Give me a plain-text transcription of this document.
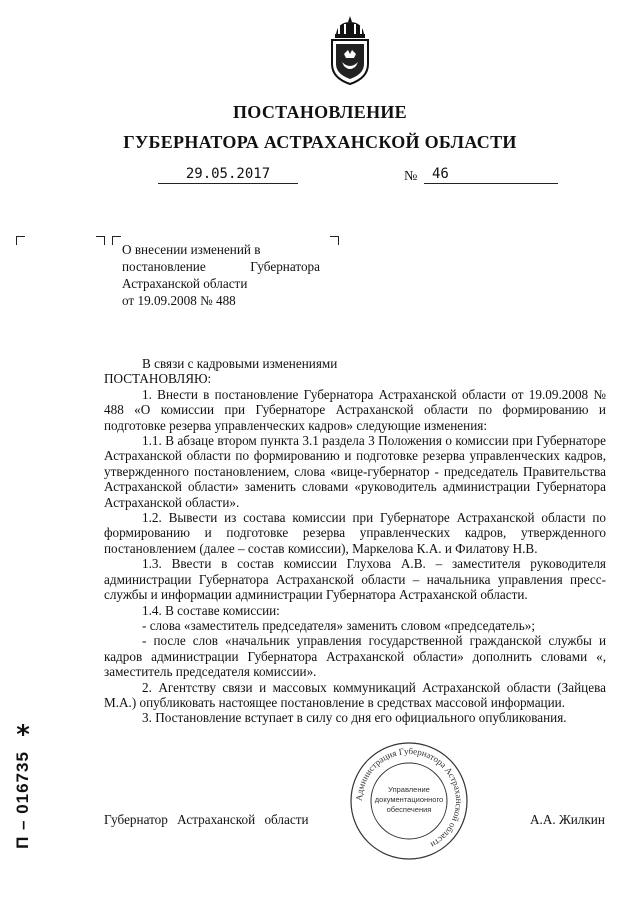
ПОСТАНОВЛЕНИЕ
ГУБЕРНАТОРА АСТРАХАНСКОЙ ОБЛАСТИ
29.05.2017	№	46
О внесении изменений в
постановление Губернатора
Астраханской области
от 19.09.2008 № 488

В связи с кадровыми изменениями

ПОСТАНОВЛЯЮ:

1. Внести в постановление Губернатора Астраханской области от 19.09.2008 № 488 «О комиссии при Губернаторе Астраханской области по формированию и подготовке резерва управленческих кадров» следующие изменения:

1.1. В абзаце втором пункта 3.1 раздела 3 Положения о комиссии при Губернаторе Астраханской области по формированию и подготовке резерва управленческих кадров, утвержденного постановлением, слова «вице-губернатор - председатель Правительства Астраханской области» заменить словами «руководитель администрации Губернатора Астраханской области».

1.2. Вывести из состава комиссии при Губернаторе Астраханской области по формированию и подготовке резерва управленческих кадров, утвержденного постановлением (далее – состав комиссии), Маркелова К.А. и Филатову Н.В.

1.3. Ввести в состав комиссии Глухова А.В. – заместителя руководителя администрации Губернатора Астраханской области – начальника управления пресс-службы и информации администрации Губернатора Астраханской области.

1.4. В составе комиссии:

- слова «заместитель председателя» заменить словом «председатель»;

- после слов «начальник управления государственной гражданской службы и кадров администрации Губернатора Астраханской области» дополнить словами «, заместитель председателя комиссии».

2. Агентству связи и массовых коммуникаций Астраханской области (Зайцева М.А.) опубликовать настоящее постановление в средствах массовой информации.

3. Постановление вступает в силу со дня его официального опубликования.

Администрация Губернатора Астраханской области
Управление
документационного
обеспечения
Губернатор Астраханской области	А.А. Жилкин
*
П – 016735
